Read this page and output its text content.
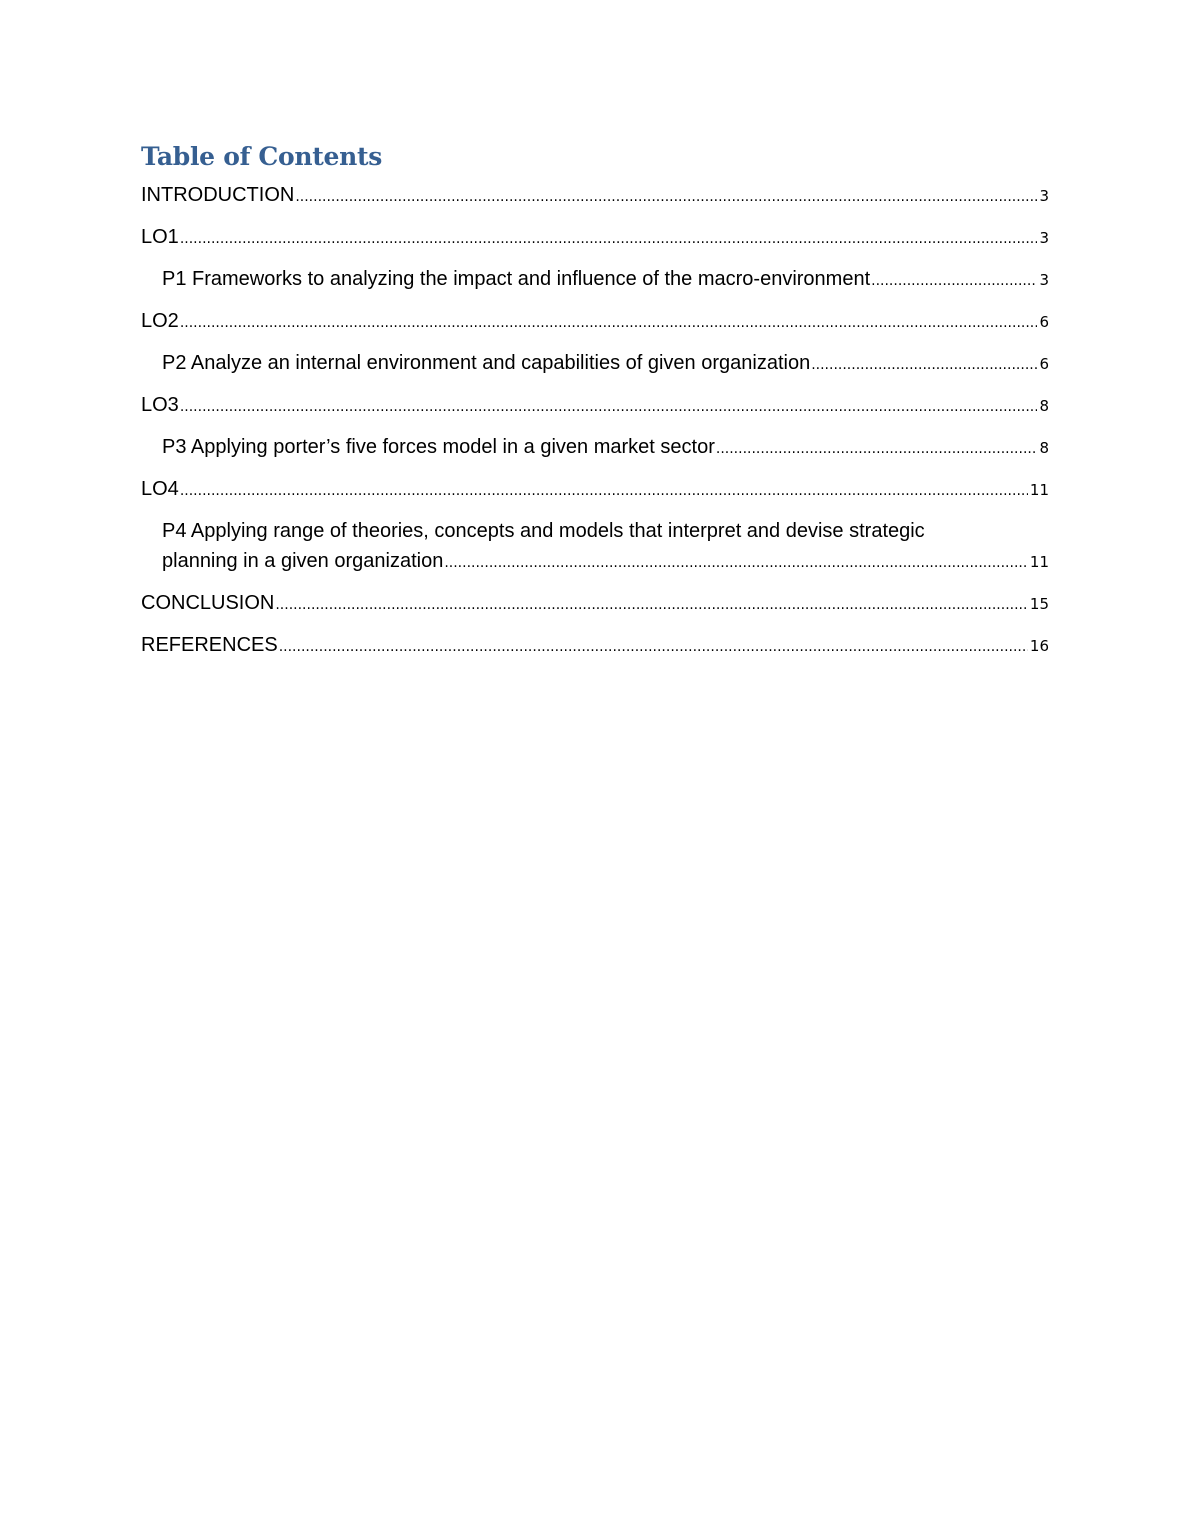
Table of Contents
INTRODUCTION .....	3
LO1 .....	3
P1 Frameworks to analyzing the impact and influence of the macro-environment .....	3
LO2 .....	6
P2 Analyze an internal environment and capabilities of given organization .....	6
LO3 .....	8
P3 Applying porter’s five forces model in a given market sector .....	8
LO4 .....	11
P4 Applying range of theories, concepts and models that interpret and devise strategic
planning in a given organization .....	11
CONCLUSION .....	15
REFERENCES .....	16
